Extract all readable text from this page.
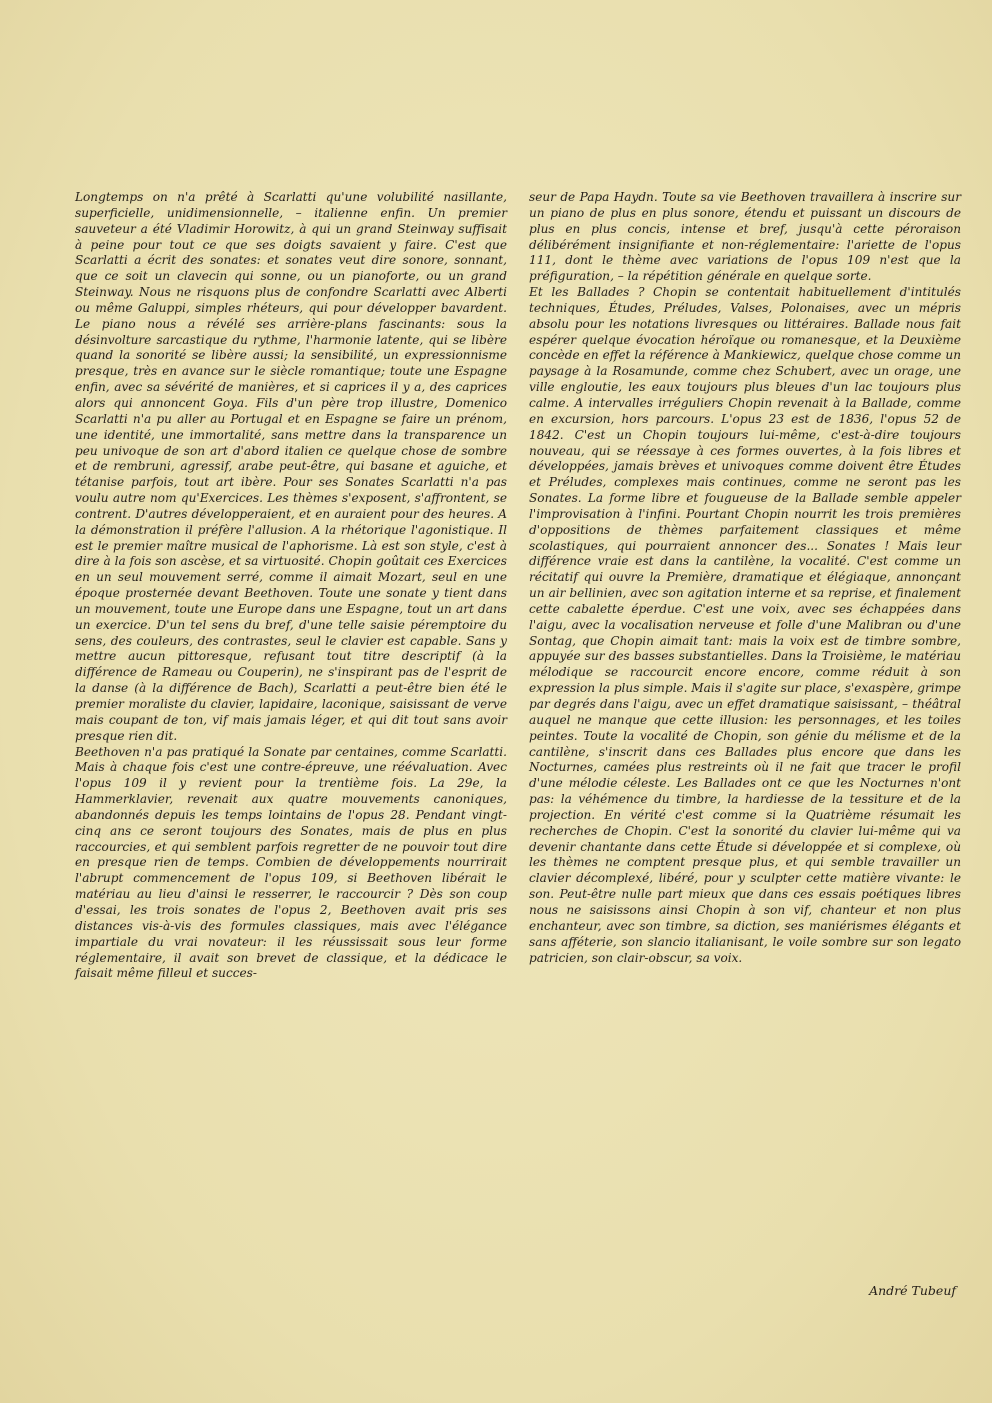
Longtemps on n'a prêté à Scarlatti qu'une volubilité nasillante, superficielle, unidimensionnelle, – italienne enfin. Un premier sauveteur a été Vladimir Horowitz, à qui un grand Steinway suffisait à peine pour tout ce que ses doigts savaient y faire. C'est que Scarlatti a écrit des sonates: et sonates veut dire sonore, sonnant, que ce soit un clavecin qui sonne, ou un pianoforte, ou un grand Steinway. Nous ne risquons plus de confondre Scarlatti avec Alberti ou même Galuppi, simples rhéteurs, qui pour développer bavardent. Le piano nous a révélé ses arrière-plans fascinants: sous la désinvolture sarcastique du rythme, l'harmonie latente, qui se libère quand la sonorité se libère aussi; la sensibilité, un expressionnisme presque, très en avance sur le siècle romantique; toute une Espagne enfin, avec sa sévérité de manières, et si caprices il y a, des caprices alors qui annoncent Goya. Fils d'un père trop illustre, Domenico Scarlatti n'a pu aller au Portugal et en Espagne se faire un prénom, une identité, une immortalité, sans mettre dans la transparence un peu univoque de son art d'abord italien ce quelque chose de sombre et de rembruni, agressif, arabe peut-être, qui basane et aguiche, et tétanise parfois, tout art ibère. Pour ses Sonates Scarlatti n'a pas voulu autre nom qu'Exercices. Les thèmes s'exposent, s'affrontent, se contrent. D'autres développeraient, et en auraient pour des heures. A la démonstration il préfère l'allusion. A la rhétorique l'agonistique. Il est le premier maître musical de l'aphorisme. Là est son style, c'est à dire à la fois son ascèse, et sa virtuosité. Chopin goûtait ces Exercices en un seul mouvement serré, comme il aimait Mozart, seul en une époque prosternée devant Beethoven. Toute une sonate y tient dans un mouvement, toute une Europe dans une Espagne, tout un art dans un exercice. D'un tel sens du bref, d'une telle saisie péremptoire du sens, des couleurs, des contrastes, seul le clavier est capable. Sans y mettre aucun pittoresque, refusant tout titre descriptif (à la différence de Rameau ou Couperin), ne s'inspirant pas de l'esprit de la danse (à la différence de Bach), Scarlatti a peut-être bien été le premier moraliste du clavier, lapidaire, laconique, saisissant de verve mais coupant de ton, vif mais jamais léger, et qui dit tout sans avoir presque rien dit.

Beethoven n'a pas pratiqué la Sonate par centaines, comme Scarlatti. Mais à chaque fois c'est une contre-épreuve, une réévaluation. Avec l'opus 109 il y revient pour la trentième fois. La 29e, la Hammerklavier, revenait aux quatre mouvements canoniques, abandonnés depuis les temps lointains de l'opus 28. Pendant vingt-cinq ans ce seront toujours des Sonates, mais de plus en plus raccourcies, et qui semblent parfois regretter de ne pouvoir tout dire en presque rien de temps. Combien de développements nourrirait l'abrupt commencement de l'opus 109, si Beethoven libérait le matériau au lieu d'ainsi le resserrer, le raccourcir ? Dès son coup d'essai, les trois sonates de l'opus 2, Beethoven avait pris ses distances vis-à-vis des formules classiques, mais avec l'élégance impartiale du vrai novateur: il les réussissait sous leur forme réglementaire, il avait son brevet de classique, et la dédicace le faisait même filleul et succes-

seur de Papa Haydn. Toute sa vie Beethoven travaillera à inscrire sur un piano de plus en plus sonore, étendu et puissant un discours de plus en plus concis, intense et bref, jusqu'à cette péroraison délibérément insignifiante et non-réglementaire: l'ariette de l'opus 111, dont le thème avec variations de l'opus 109 n'est que la préfiguration, – la répétition générale en quelque sorte.

Et les Ballades ? Chopin se contentait habituellement d'intitulés techniques, Études, Préludes, Valses, Polonaises, avec un mépris absolu pour les notations livresques ou littéraires. Ballade nous fait espérer quelque évocation héroïque ou romanesque, et la Deuxième concède en effet la référence à Mankiewicz, quelque chose comme un paysage à la Rosamunde, comme chez Schubert, avec un orage, une ville engloutie, les eaux toujours plus bleues d'un lac toujours plus calme. A intervalles irréguliers Chopin revenait à la Ballade, comme en excursion, hors parcours. L'opus 23 est de 1836, l'opus 52 de 1842. C'est un Chopin toujours lui-même, c'est-à-dire toujours nouveau, qui se réessaye à ces formes ouvertes, à la fois libres et développées, jamais brèves et univoques comme doivent être Études et Préludes, complexes mais continues, comme ne seront pas les Sonates. La forme libre et fougueuse de la Ballade semble appeler l'improvisation à l'infini. Pourtant Chopin nourrit les trois premières d'oppositions de thèmes parfaitement classiques et même scolastiques, qui pourraient annoncer des... Sonates ! Mais leur différence vraie est dans la cantilène, la vocalité. C'est comme un récitatif qui ouvre la Première, dramatique et élégiaque, annonçant un air bellinien, avec son agitation interne et sa reprise, et finalement cette cabalette éperdue. C'est une voix, avec ses échappées dans l'aigu, avec la vocalisation nerveuse et folle d'une Malibran ou d'une Sontag, que Chopin aimait tant: mais la voix est de timbre sombre, appuyée sur des basses substantielles. Dans la Troisième, le matériau mélodique se raccourcit encore encore, comme réduit à son expression la plus simple. Mais il s'agite sur place, s'exaspère, grimpe par degrés dans l'aigu, avec un effet dramatique saisissant, – théâtral auquel ne manque que cette illusion: les personnages, et les toiles peintes. Toute la vocalité de Chopin, son génie du mélisme et de la cantilène, s'inscrit dans ces Ballades plus encore que dans les Nocturnes, camées plus restreints où il ne fait que tracer le profil d'une mélodie céleste. Les Ballades ont ce que les Nocturnes n'ont pas: la véhémence du timbre, la hardiesse de la tessiture et de la projection. En vérité c'est comme si la Quatrième résumait les recherches de Chopin. C'est la sonorité du clavier lui-même qui va devenir chantante dans cette Étude si développée et si complexe, où les thèmes ne comptent presque plus, et qui semble travailler un clavier décomplexé, libéré, pour y sculpter cette matière vivante: le son. Peut-être nulle part mieux que dans ces essais poétiques libres nous ne saisissons ainsi Chopin à son vif, chanteur et non plus enchanteur, avec son timbre, sa diction, ses maniérismes élégants et sans afféterie, son slancio italianisant, le voile sombre sur son legato patricien, son clair-obscur, sa voix.

André Tubeuf
